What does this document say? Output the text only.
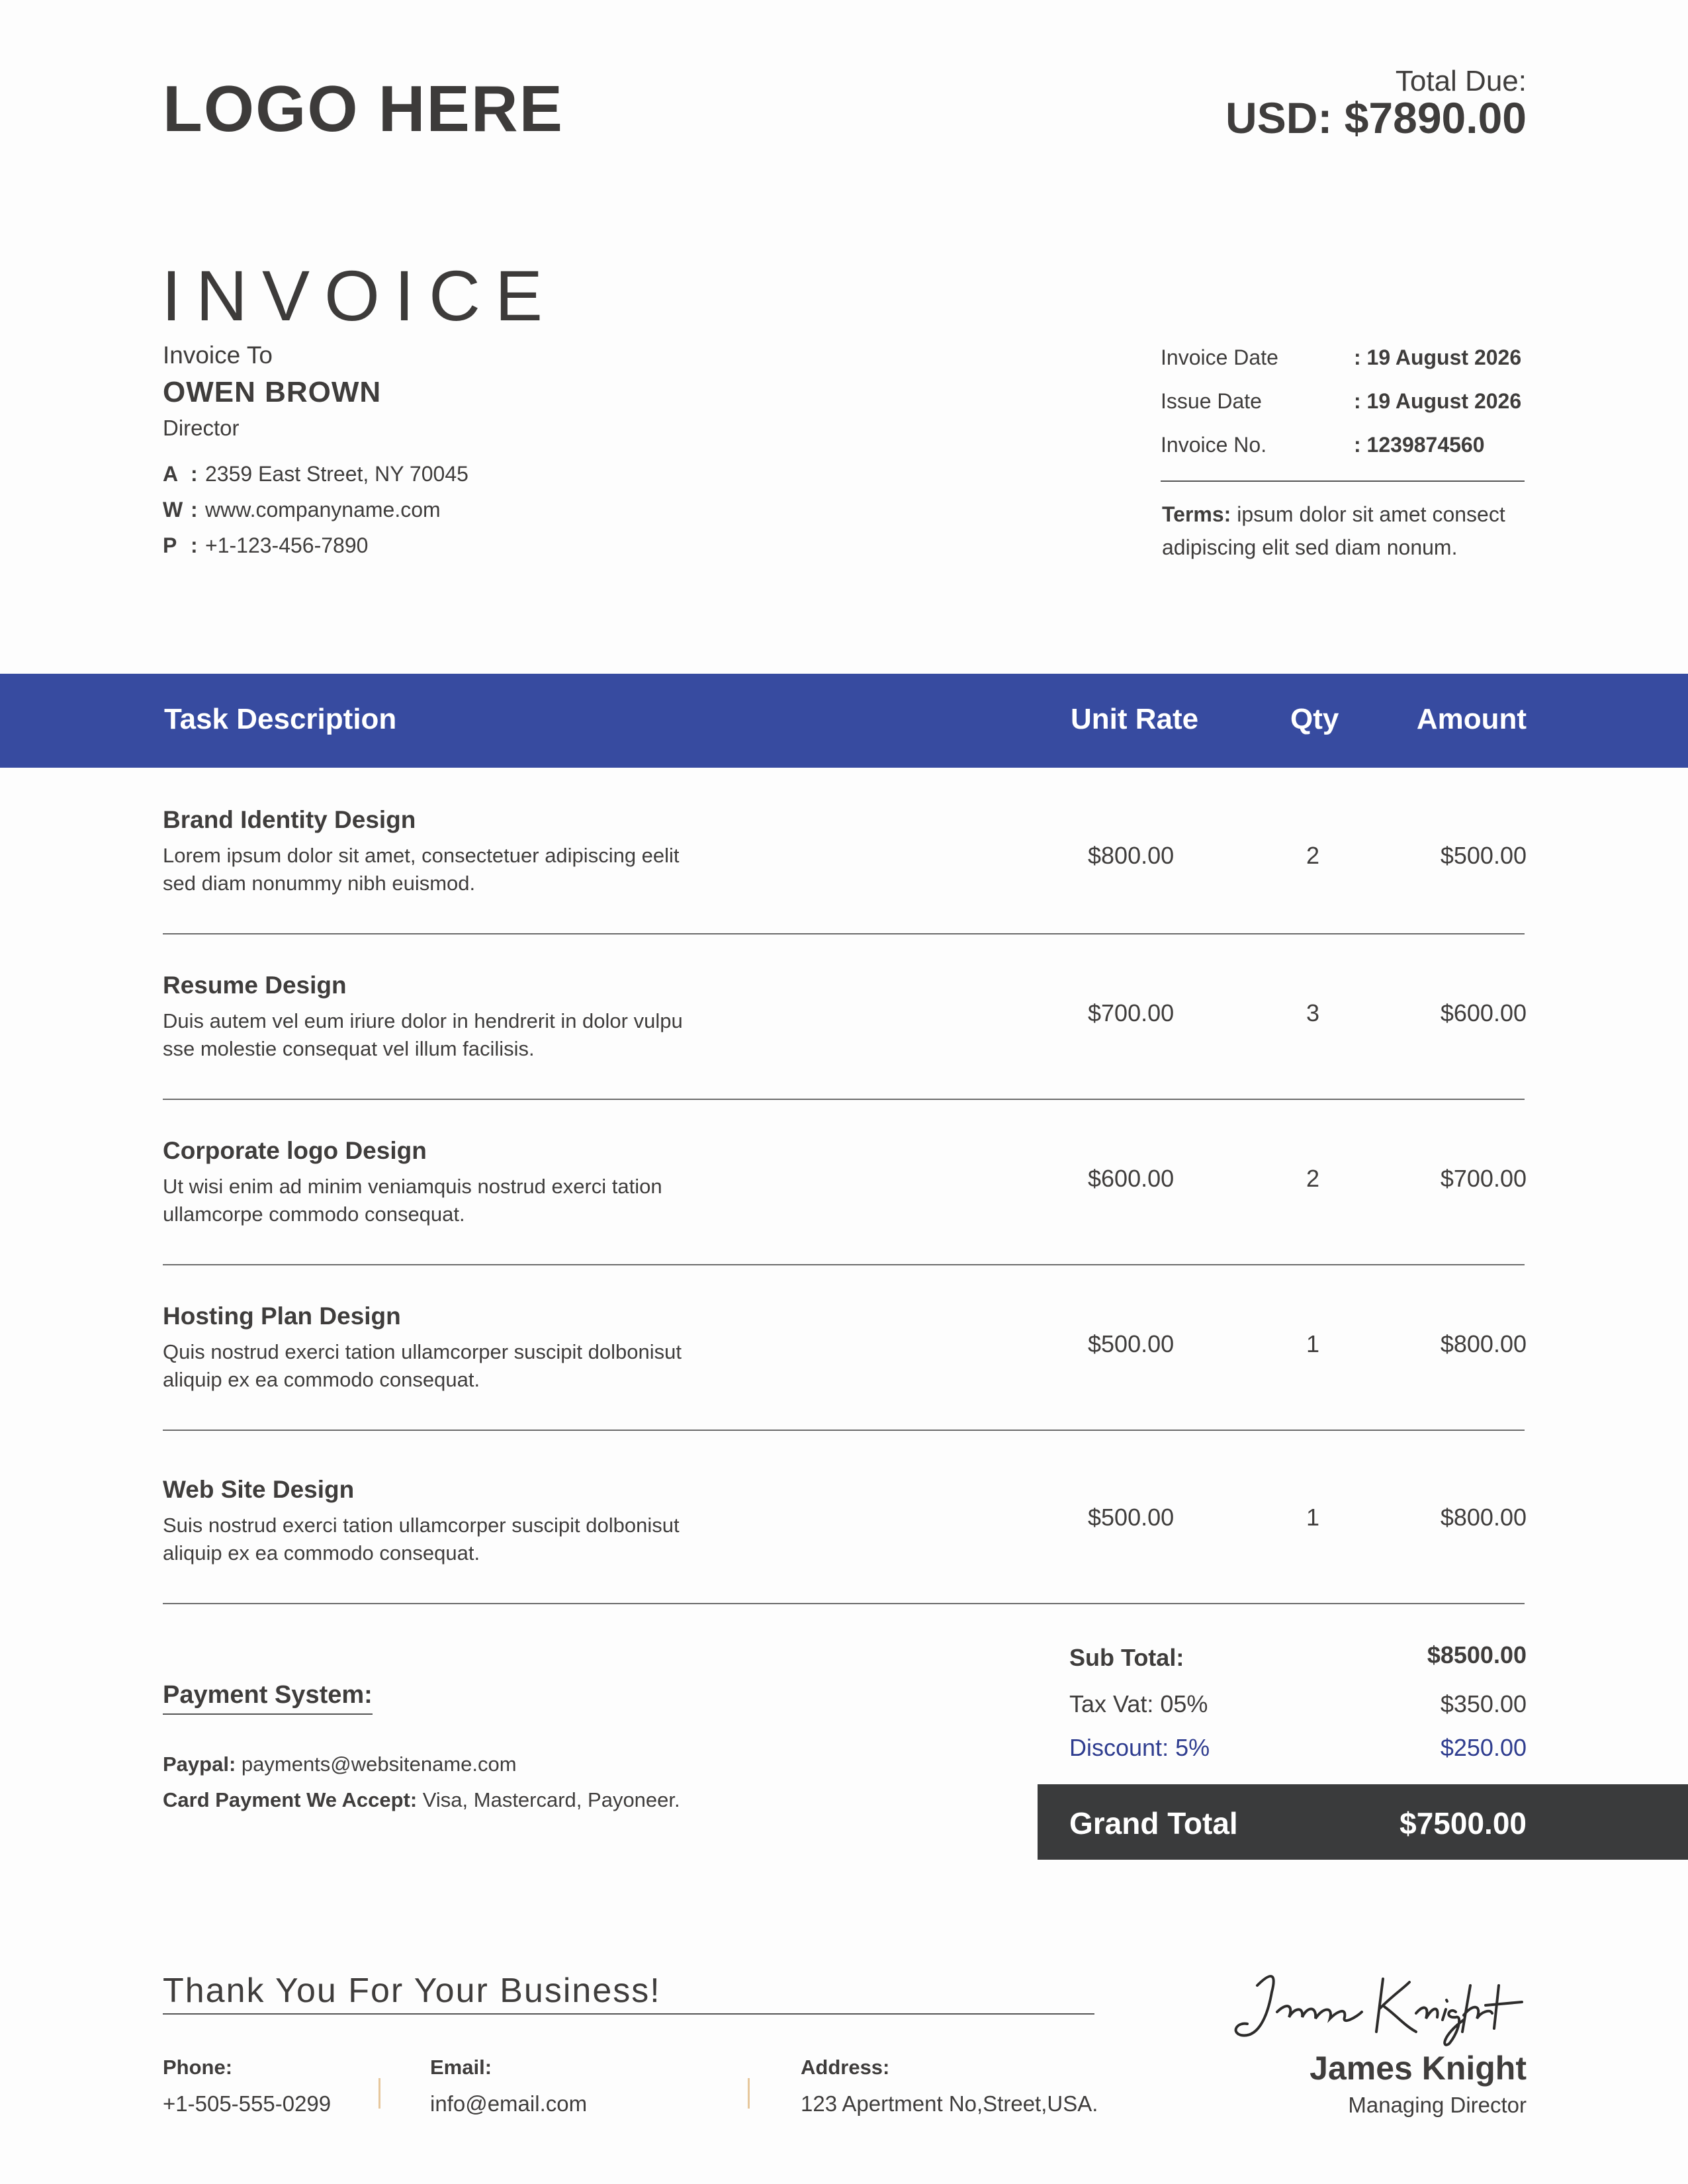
LOGO HERE	Total Due:
USD: $7890.00
INVOICE
Invoice To
OWEN BROWN
Director
A : 2359 East Street, NY 70045
W : www.companyname.com
P : +1-123-456-7890
Invoice Date	: 19 August 2026
Issue Date	: 19 August 2026
Invoice No.	: 1239874560
Terms: ipsum dolor sit amet consect
adipiscing elit sed diam nonum.
Task Description	Unit Rate	Qty	Amount
Brand Identity Design
Lorem ipsum dolor sit amet, consectetuer adipiscing eelit
sed diam nonummy nibh euismod.
$800.00	2	$500.00
Resume Design
Duis autem vel eum iriure dolor in hendrerit in dolor vulpu
sse molestie consequat vel illum facilisis.
$700.00	3	$600.00
Corporate logo Design
Ut wisi enim ad minim veniamquis nostrud exerci tation
ullamcorpe commodo consequat.
$600.00	2	$700.00
Hosting Plan Design
Quis nostrud exerci tation ullamcorper suscipit dolbonisut
aliquip ex ea commodo consequat.
$500.00	1	$800.00
Web Site Design
Suis nostrud exerci tation ullamcorper suscipit dolbonisut
aliquip ex ea commodo consequat.
$500.00	1	$800.00
Payment System:
Paypal: payments@websitename.com
Card Payment We Accept: Visa, Mastercard, Payoneer.
Sub Total:	$8500.00
Tax Vat: 05%	$350.00
Discount: 5%	$250.00
Grand Total	$7500.00
Thank You For Your Business!
Phone:
+1-505-555-0299
Email:
info@email.com
Address:
123 Apertment No,Street,USA.
James Knight
Managing Director
